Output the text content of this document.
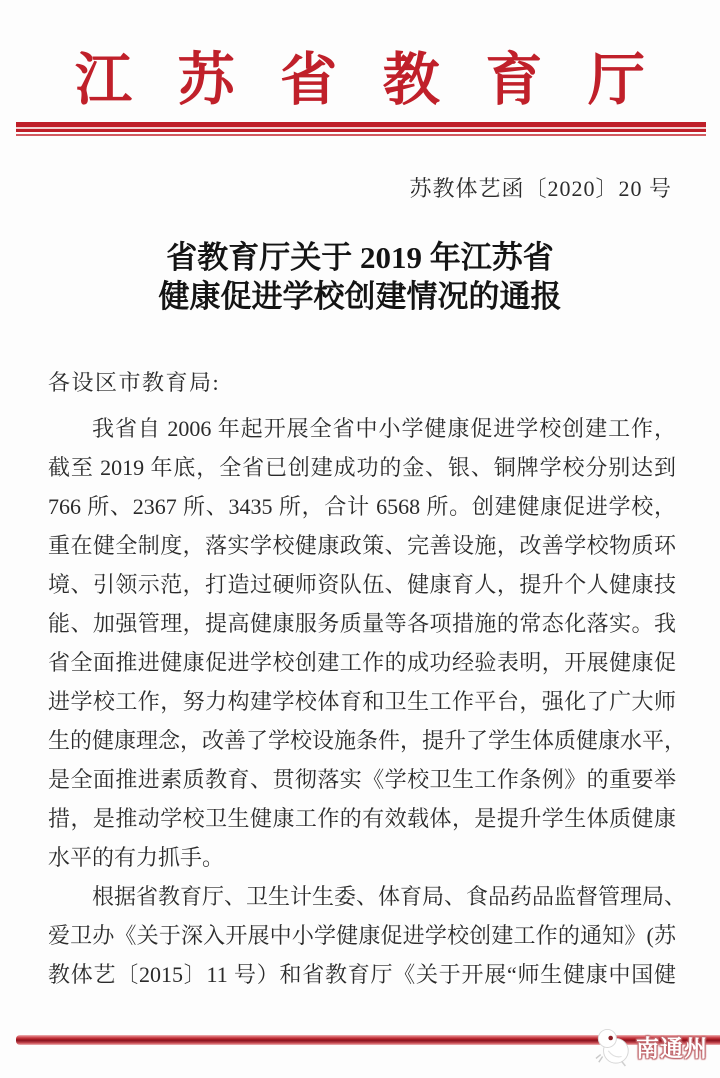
江苏省教育厅
苏教体艺函〔2020〕20 号
省教育厅关于 2019 年江苏省
健康促进学校创建情况的通报
各设区市教育局:
我省自 2006 年起开展全省中小学健康促进学校创建工作，
截至 2019 年底，全省已创建成功的金、银、铜牌学校分别达到
766 所、2367 所、3435 所，合计 6568 所。创建健康促进学校，
重在健全制度，落实学校健康政策、完善设施，改善学校物质环
境、引领示范，打造过硬师资队伍、健康育人，提升个人健康技
能、加强管理，提高健康服务质量等各项措施的常态化落实。我
省全面推进健康促进学校创建工作的成功经验表明，开展健康促
进学校工作，努力构建学校体育和卫生工作平台，强化了广大师
生的健康理念，改善了学校设施条件，提升了学生体质健康水平，
是全面推进素质教育、贯彻落实《学校卫生工作条例》的重要举
措，是推动学校卫生健康工作的有效载体，是提升学生体质健康
水平的有力抓手。
根据省教育厅、卫生计生委、体育局、食品药品监督管理局、
爱卫办《关于深入开展中小学健康促进学校创建工作的通知》(苏
教体艺〔2015〕11 号）和省教育厅《关于开展“师生健康中国健
南通州
